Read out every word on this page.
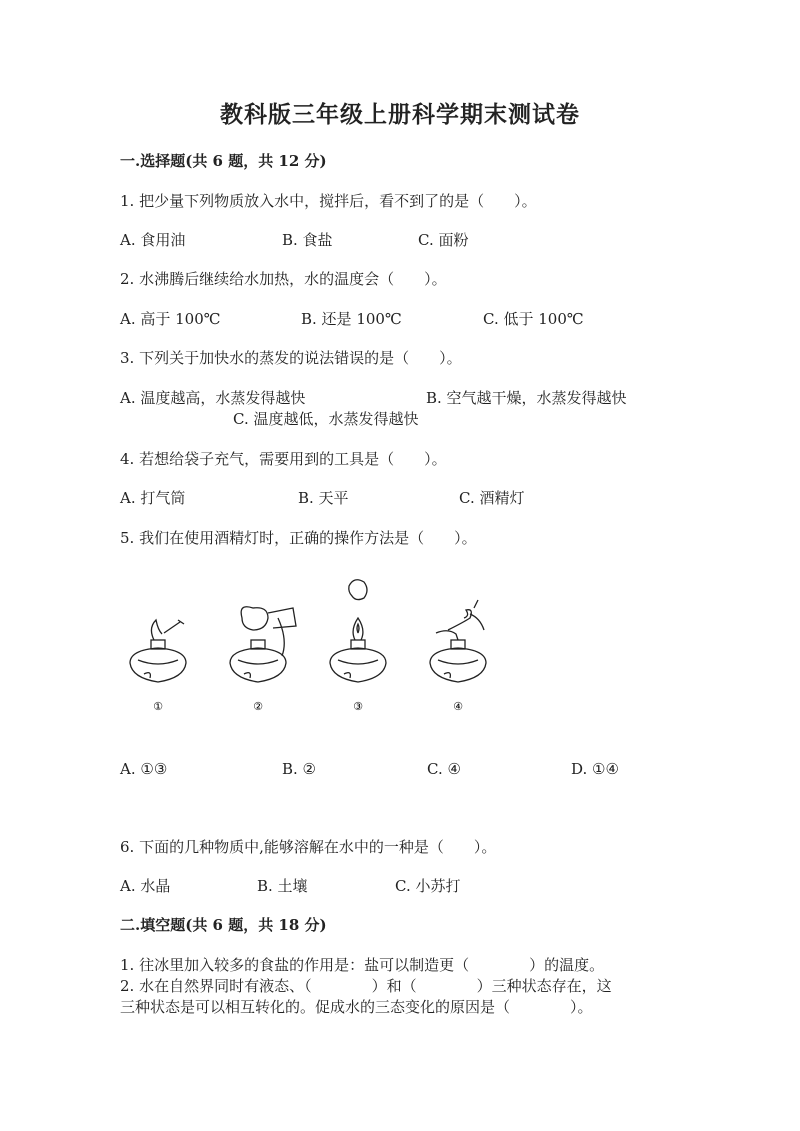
教科版三年级上册科学期末测试卷
一.选择题(共 6 题，共 12 分)
1. 把少量下列物质放入水中，搅拌后，看不到了的是（　　）。
A. 食用油	B. 食盐	C. 面粉
2. 水沸腾后继续给水加热，水的温度会（　　）。
A. 高于 100℃	B. 还是 100℃	C. 低于 100℃
3. 下列关于加快水的蒸发的说法错误的是（　　）。
A. 温度越高，水蒸发得越快	B. 空气越干燥，水蒸发得越快
C. 温度越低，水蒸发得越快
4. 若想给袋子充气，需要用到的工具是（　　）。
A. 打气筒	B. 天平	C. 酒精灯
5. 我们在使用酒精灯时，正确的操作方法是（　　）。
①	②	③	④
A. ①③	B. ②	C. ④	D. ①④
6. 下面的几种物质中,能够溶解在水中的一种是（　　）。
A. 水晶	B. 土壤	C. 小苏打
二.填空题(共 6 题，共 18 分)
1. 往冰里加入较多的食盐的作用是：盐可以制造更（　　　　）的温度。
2. 水在自然界同时有液态、（　　　　）和（　　　　）三种状态存在，这
三种状态是可以相互转化的。促成水的三态变化的原因是（　　　　）。
